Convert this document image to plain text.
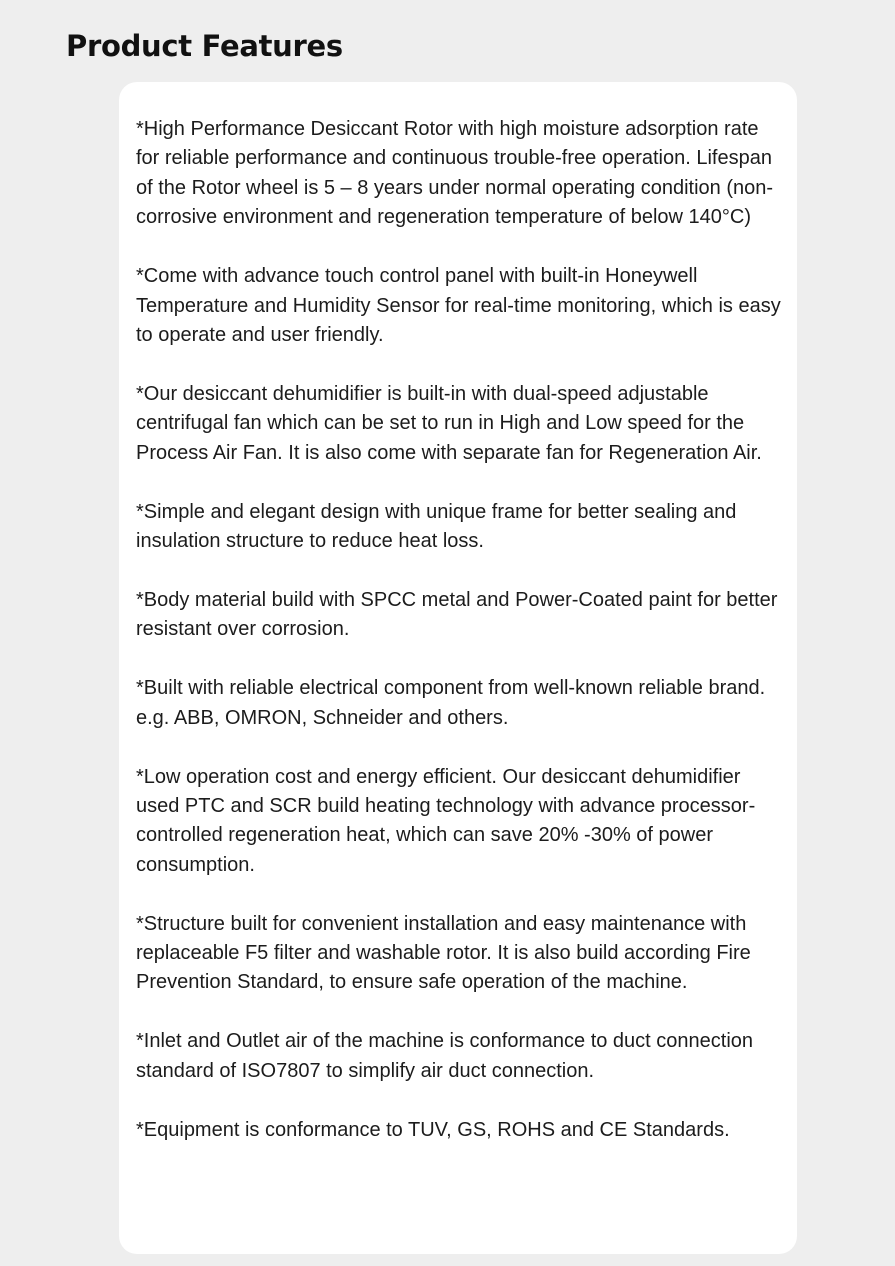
Product Features

*High Performance Desiccant Rotor with high moisture adsorption rate for reliable performance and continuous trouble-free operation. Lifespan of the Rotor wheel is 5 – 8 years under normal operating condition (non-corrosive environment and regeneration temperature of below 140°C)

*Come with advance touch control panel with built-in Honeywell Temperature and Humidity Sensor for real-time monitoring, which is easy to operate and user friendly.

*Our desiccant dehumidifier is built-in with dual-speed adjustable centrifugal fan which can be set to run in High and Low speed for the Process Air Fan. It is also come with separate fan for Regeneration Air.

*Simple and elegant design with unique frame for better sealing and insulation structure to reduce heat loss.

*Body material build with SPCC metal and Power-Coated paint for better resistant over corrosion.

*Built with reliable electrical component from well-known reliable brand. e.g. ABB, OMRON, Schneider and others.

*Low operation cost and energy efficient. Our desiccant dehumidifier used PTC and SCR build heating technology with advance processor-controlled regeneration heat, which can save 20% -30% of power consumption.

*Structure built for convenient installation and easy maintenance with replaceable F5 filter and washable rotor. It is also build according Fire Prevention Standard, to ensure safe operation of the machine.

*Inlet and Outlet air of the machine is conformance to duct connection standard of ISO7807 to simplify air duct connection.

*Equipment is conformance to TUV, GS, ROHS and CE Standards.
